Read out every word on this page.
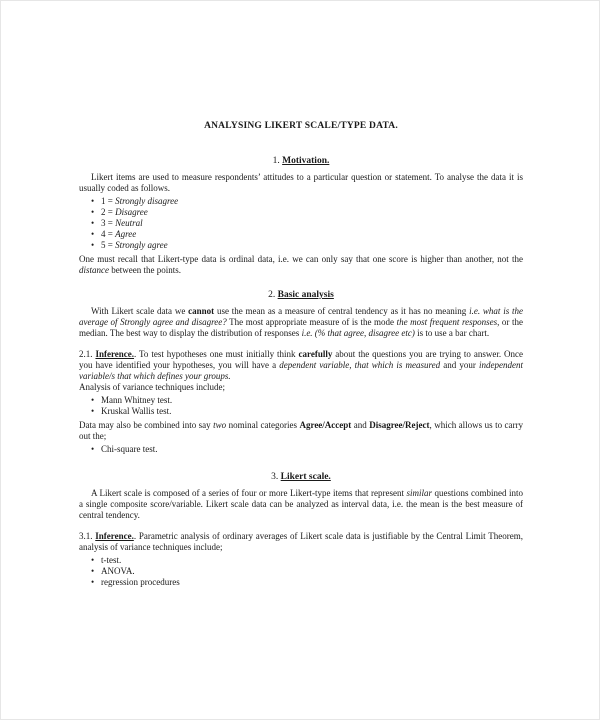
ANALYSING LIKERT SCALE/TYPE DATA.
1. Motivation.

Likert items are used to measure respondents’ attitudes to a particular question or statement. To analyse the data it is usually coded as follows.

• 1 = Strongly disagree
• 2 = Disagree
• 3 = Neutral
• 4 = Agree
• 5 = Strongly agree

One must recall that Likert-type data is ordinal data, i.e. we can only say that one score is higher than another, not the distance between the points.

2. Basic analysis

With Likert scale data we cannot use the mean as a measure of central tendency as it has no meaning i.e. what is the average of Strongly agree and disagree? The most appropriate measure of is the mode the most frequent responses, or the median. The best way to display the distribution of responses i.e. (% that agree, disagree etc) is to use a bar chart.

2.1. Inference.. To test hypotheses one must initially think carefully about the questions you are trying to answer. Once you have identified your hypotheses, you will have a dependent variable, that which is measured and your independent variable/s that which defines your groups.

Analysis of variance techniques include;

• Mann Whitney test.
• Kruskal Wallis test.

Data may also be combined into say two nominal categories Agree/Accept and Disagree/Reject, which allows us to carry out the;

• Chi-square test.
3. Likert scale.

A Likert scale is composed of a series of four or more Likert-type items that represent similar questions combined into a single composite score/variable. Likert scale data can be analyzed as interval data, i.e. the mean is the best measure of central tendency.

3.1. Inference.. Parametric analysis of ordinary averages of Likert scale data is justifiable by the Central Limit Theorem, analysis of variance techniques include;

• t-test.
• ANOVA.
• regression procedures
